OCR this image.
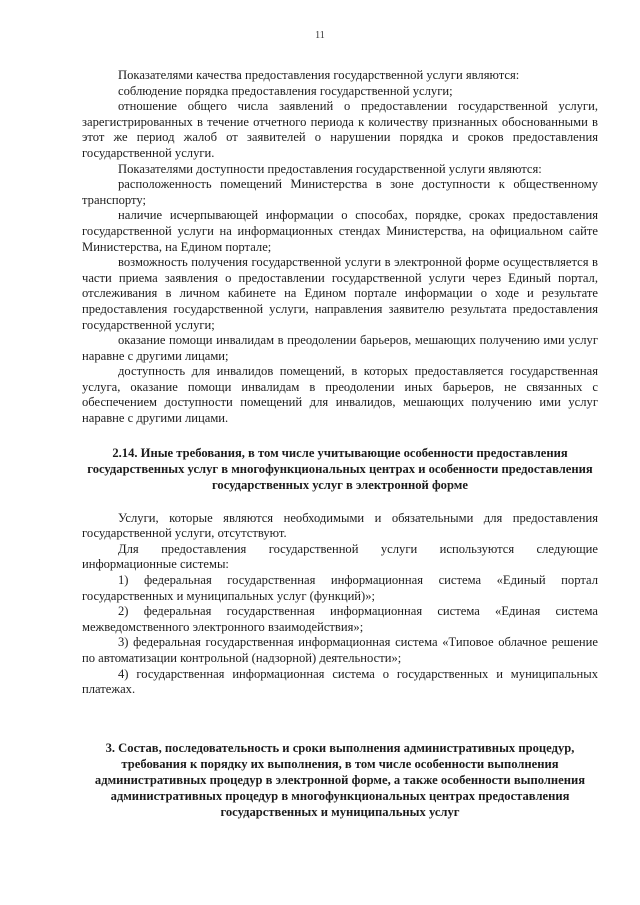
11

Показателями качества предоставления государственной услуги являются:

соблюдение порядка предоставления государственной услуги;

отношение общего числа заявлений о предоставлении государственной услуги, зарегистрированных в течение отчетного периода к количеству признанных обоснованными в этот же период жалоб от заявителей о нарушении порядка и сроков предоставления государственной услуги.

Показателями доступности предоставления государственной услуги являются:

расположенность помещений Министерства в зоне доступности к общественному транспорту;

наличие исчерпывающей информации о способах, порядке, сроках предоставления государственной услуги на информационных стендах Министерства, на официальном сайте Министерства, на Едином портале;

возможность получения государственной услуги в электронной форме осуществляется в части приема заявления о предоставлении государственной услуги через Единый портал, отслеживания в личном кабинете на Едином портале информации о ходе и результате предоставления государственной услуги, направления заявителю результата предоставления государственной услуги;

оказание помощи инвалидам в преодолении барьеров, мешающих получению ими услуг наравне с другими лицами;

доступность для инвалидов помещений, в которых предоставляется государственная услуга, оказание помощи инвалидам в преодолении иных барьеров, не связанных с обеспечением доступности помещений для инвалидов, мешающих получению ими услуг наравне с другими лицами.

2.14. Иные требования, в том числе учитывающие особенности предоставления государственных услуг в многофункциональных центрах и особенности предоставления государственных услуг в электронной форме

Услуги, которые являются необходимыми и обязательными для предоставления государственной услуги, отсутствуют.

Для предоставления государственной услуги используются следующие информационные системы:

1) федеральная государственная информационная система «Единый портал государственных и муниципальных услуг (функций)»;

2) федеральная государственная информационная система «Единая система межведомственного электронного взаимодействия»;

3) федеральная государственная информационная система «Типовое облачное решение по автоматизации контрольной (надзорной) деятельности»;

4) государственная информационная система о государственных и муниципальных платежах.

3. Состав, последовательность и сроки выполнения административных процедур, требования к порядку их выполнения, в том числе особенности выполнения административных процедур в электронной форме, а также особенности выполнения административных процедур в многофункциональных центрах предоставления государственных и муниципальных услуг
